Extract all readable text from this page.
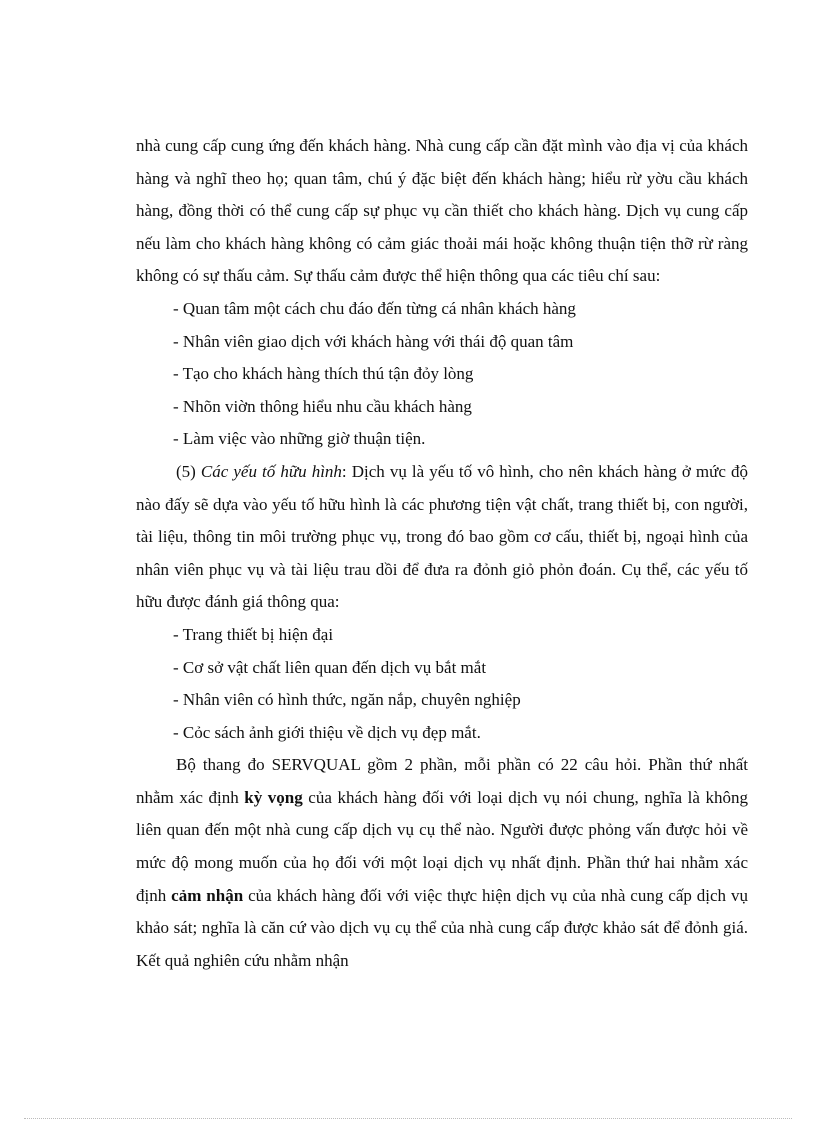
nhà cung cấp cung ứng đến khách hàng. Nhà cung cấp cần đặt mình vào địa vị của khách hàng và nghĩ theo họ; quan tâm, chú ý đặc biệt đến khách hàng; hiểu rừ yờu cầu khách hàng, đồng thời có thể cung cấp sự phục vụ cần thiết cho khách hàng. Dịch vụ cung cấp nếu làm cho khách hàng không có cảm giác thoải mái hoặc không thuận tiện thỡ rừ ràng không có sự thấu cảm. Sự thấu cảm được thể hiện thông qua các tiêu chí sau:

- Quan tâm một cách chu đáo đến từng cá nhân khách hàng

- Nhân viên giao dịch với khách hàng với thái độ quan tâm

- Tạo cho khách hàng thích thú tận đỏy lòng

- Nhõn viờn thông hiểu nhu cầu khách hàng

- Làm việc vào những giờ thuận tiện.

(5) Các yếu tố hữu hình: Dịch vụ là yếu tố vô hình, cho nên khách hàng ở mức độ nào đấy sẽ dựa vào yếu tố hữu hình là các phương tiện vật chất, trang thiết bị, con người, tài liệu, thông tin môi trường phục vụ, trong đó bao gồm cơ cấu, thiết bị, ngoại hình của nhân viên phục vụ và tài liệu trau dồi để đưa ra đỏnh giỏ phỏn đoán. Cụ thể, các yếu tố hữu được đánh giá thông qua:

- Trang thiết bị hiện đại

- Cơ sở vật chất liên quan đến dịch vụ bắt mắt

- Nhân viên có hình thức, ngăn nắp, chuyên nghiệp

- Cỏc sách ảnh giới thiệu về dịch vụ đẹp mắt.

Bộ thang đo SERVQUAL gồm 2 phần, mỗi phần có 22 câu hỏi. Phần thứ nhất nhằm xác định kỳ vọng của khách hàng đối với loại dịch vụ nói chung, nghĩa là không liên quan đến một nhà cung cấp dịch vụ cụ thể nào. Người được phỏng vấn được hỏi về mức độ mong muốn của họ đối với một loại dịch vụ nhất định. Phần thứ hai nhằm xác định cảm nhận của khách hàng đối với việc thực hiện dịch vụ của nhà cung cấp dịch vụ khảo sát; nghĩa là căn cứ vào dịch vụ cụ thể của nhà cung cấp được khảo sát để đỏnh giá. Kết quả nghiên cứu nhằm nhận
